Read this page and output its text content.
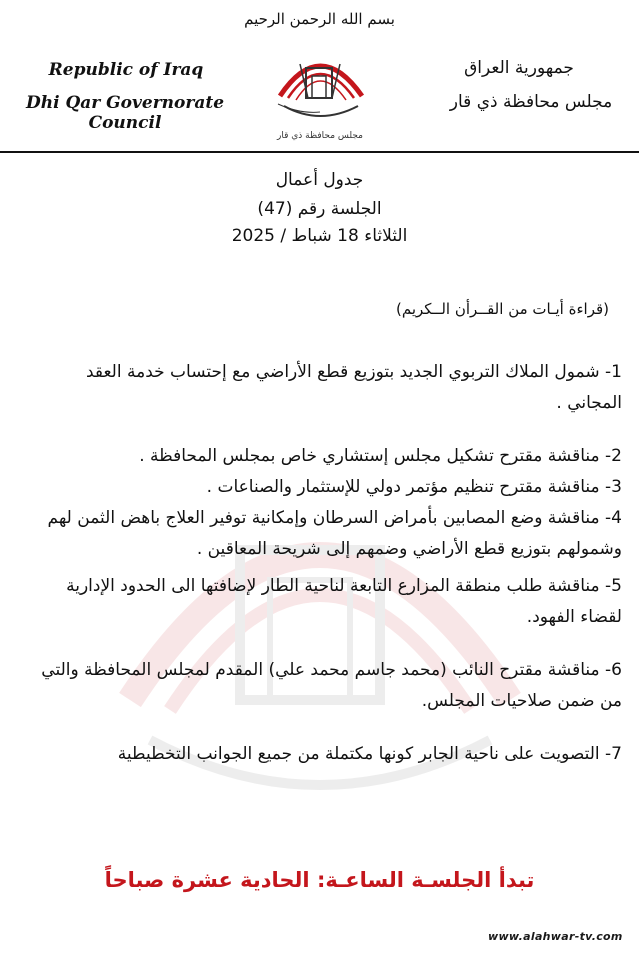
بسم الله الرحمن الرحيم
Republic of Iraq
Dhi Qar Governorate Council
مجلس محافظة ذي قار
جمهورية العراق
مجلس محافظة ذي قار
جدول أعمال
الجلسة رقم (47)
الثلاثاء 18 شباط / 2025
(قراءة أيـات من القــرأن الــكريم)

1- شمول الملاك التربوي الجديد بتوزيع قطع الأراضي مع إحتساب خدمة العقد المجاني .

2- مناقشة مقترح تشكيل مجلس إستشاري خاص بمجلس المحافظة .

3- مناقشة مقترح تنظيم مؤتمر دولي للإستثمار والصناعات .

4- مناقشة وضع المصابين بأمراض السرطان وإمكانية توفير العلاج باهض الثمن لهم وشمولهم بتوزيع قطع الأراضي وضمهم إلى شريحة المعاقين .

5- مناقشة طلب منطقة المزارع التابعة لناحية الطار لإضافتها الى الحدود الإدارية لقضاء الفهود.

6- مناقشة مقترح النائب (محمد جاسم محمد علي) المقدم لمجلس المحافظة والتي من ضمن صلاحيات المجلس.

7- التصويت على ناحية الجابر كونها مكتملة من جميع الجوانب التخطيطية

تبدأ الجلسـة الساعـة: الحادية عشرة صباحاً
www.alahwar-tv.com
